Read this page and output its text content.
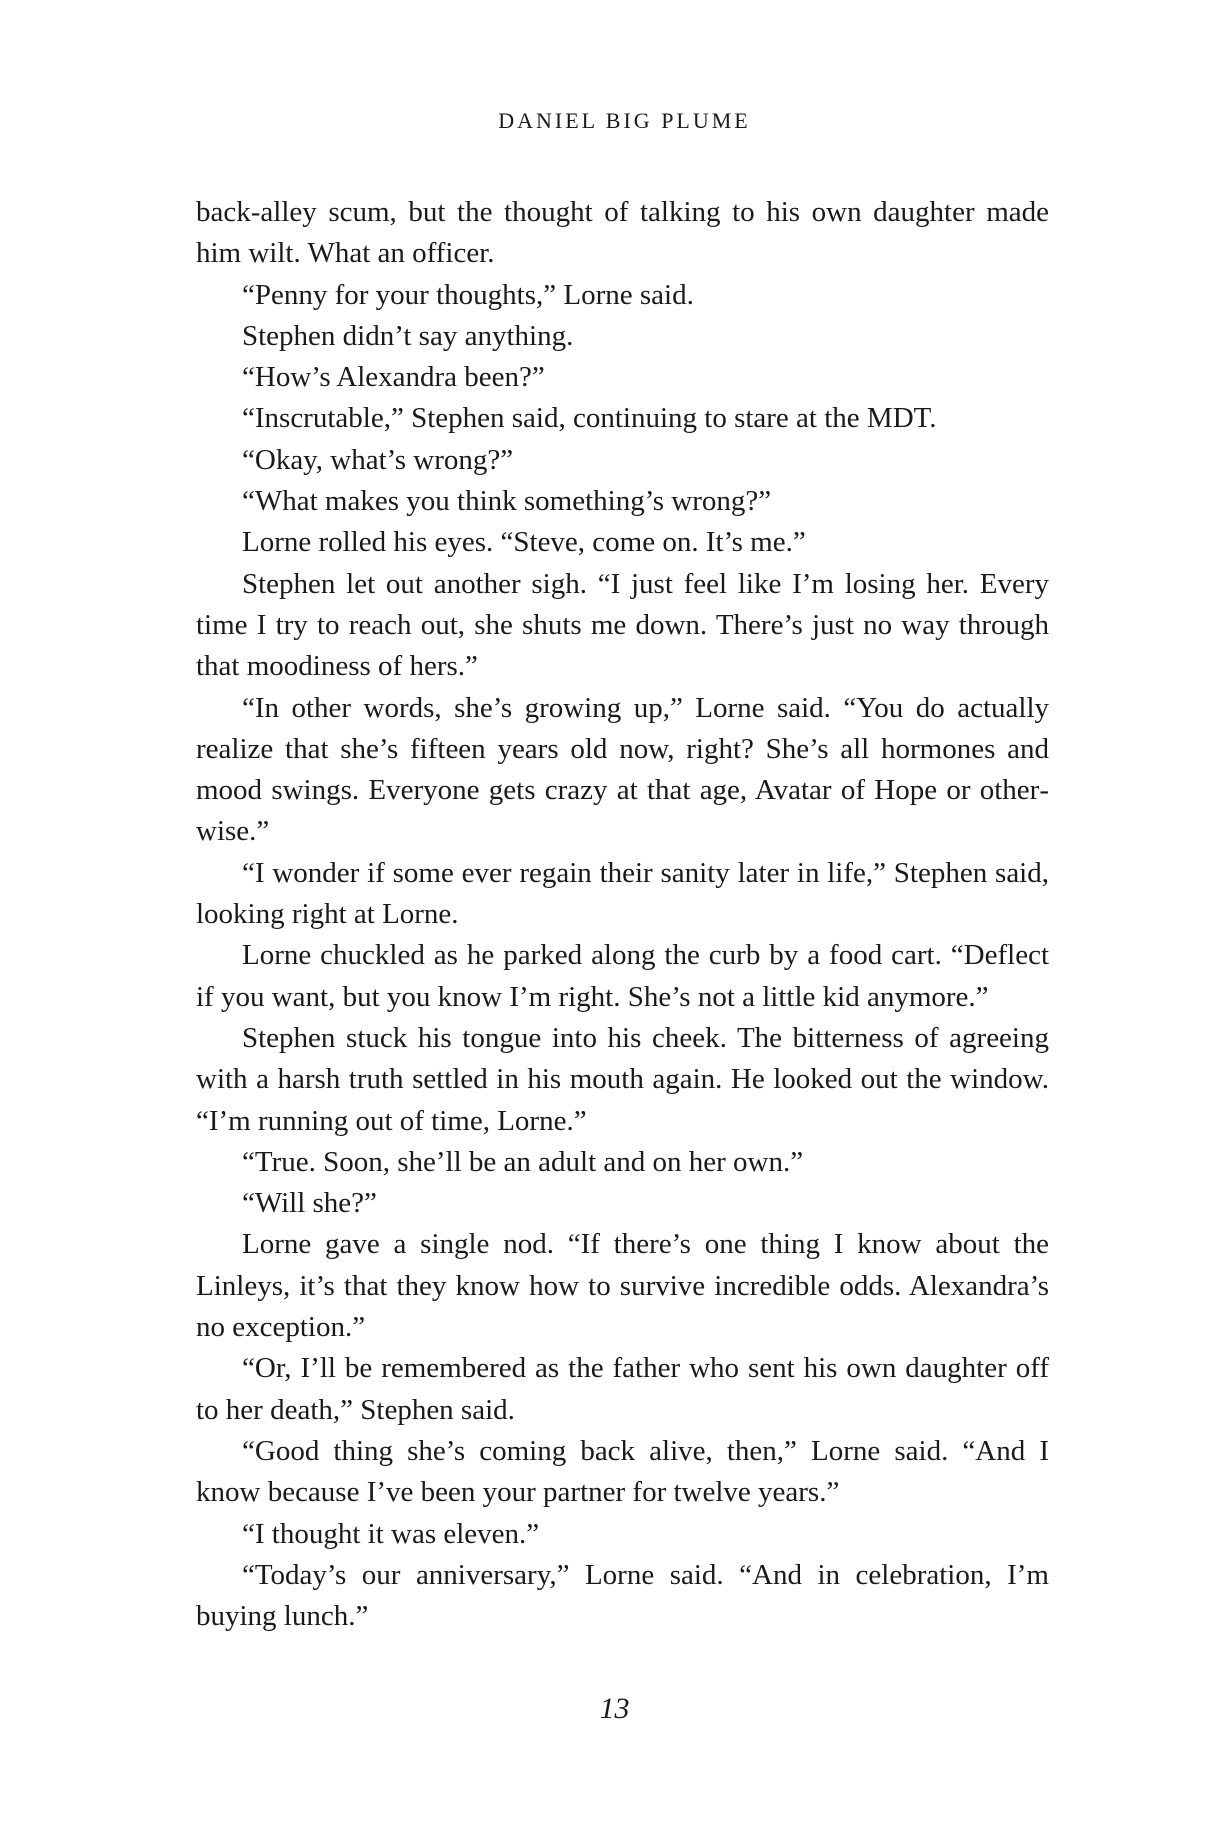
DANIEL BIG PLUME

back-alley scum, but the thought of talking to his own daughter made him wilt. What an officer.

“Penny for your thoughts,” Lorne said.

Stephen didn’t say anything.

“How’s Alexandra been?”

“Inscrutable,” Stephen said, continuing to stare at the MDT.

“Okay, what’s wrong?”

“What makes you think something’s wrong?”

Lorne rolled his eyes. “Steve, come on. It’s me.”

Stephen let out another sigh. “I just feel like I’m losing her. Every time I try to reach out, she shuts me down. There’s just no way through that moodiness of hers.”

“In other words, she’s growing up,” Lorne said. “You do actually realize that she’s fifteen years old now, right? She’s all hormones and mood swings. Everyone gets crazy at that age, Avatar of Hope or otherwise.”

“I wonder if some ever regain their sanity later in life,” Stephen said, looking right at Lorne.

Lorne chuckled as he parked along the curb by a food cart. “Deflect if you want, but you know I’m right. She’s not a little kid anymore.”

Stephen stuck his tongue into his cheek. The bitterness of agreeing with a harsh truth settled in his mouth again. He looked out the window. “I’m running out of time, Lorne.”

“True. Soon, she’ll be an adult and on her own.”

“Will she?”

Lorne gave a single nod. “If there’s one thing I know about the Linleys, it’s that they know how to survive incredible odds. Alexandra’s no exception.”

“Or, I’ll be remembered as the father who sent his own daughter off to her death,” Stephen said.

“Good thing she’s coming back alive, then,” Lorne said. “And I know because I’ve been your partner for twelve years.”

“I thought it was eleven.”

“Today’s our anniversary,” Lorne said. “And in celebration, I’m buying lunch.”

13
